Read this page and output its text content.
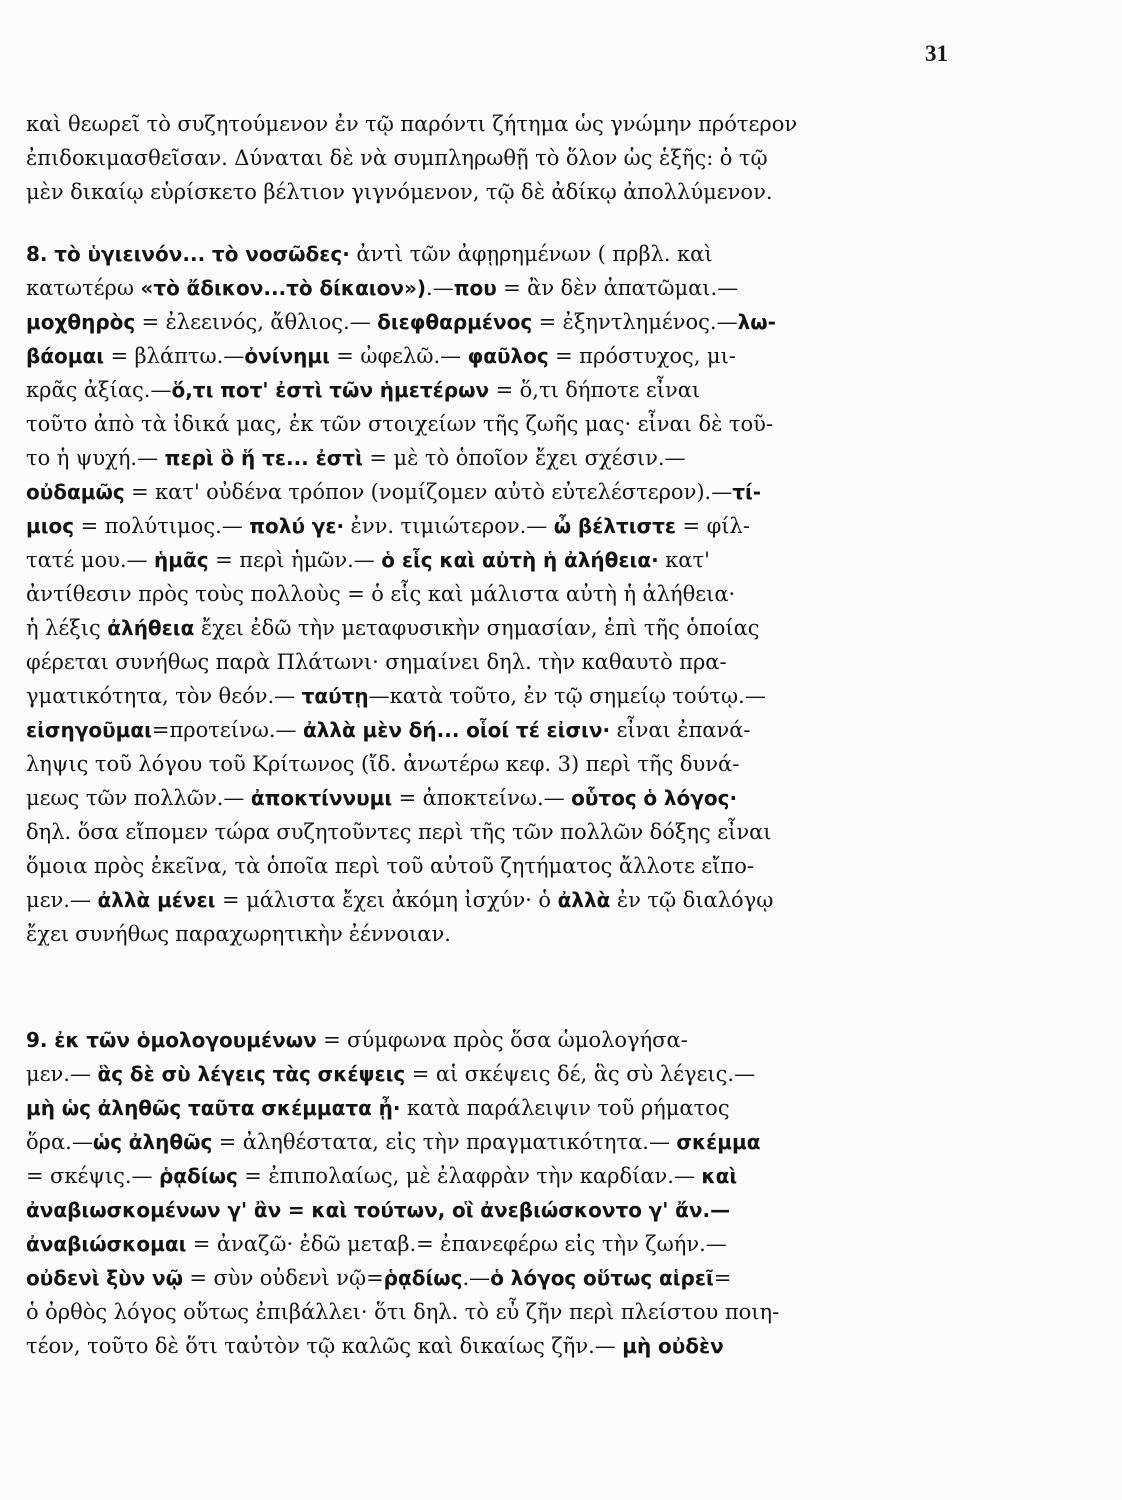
31
καὶ θεωρεῖ τὸ συζητούμενον ἐν τῷ παρόντι ζήτημα ὡς γνώμην πρότερον
ἐπιδοκιμασθεῖσαν. Δύναται δὲ νὰ συμπληρωθῇ τὸ ὅλον ὡς ἑξῆς: ὁ τῷ
μὲν δικαίῳ εὑρίσκετο βέλτιον γιγνόμενον, τῷ δὲ ἀδίκῳ ἀπολλύμενον.
8. τὸ ὑγιεινόν... τὸ νοσῶδες· ἀντὶ τῶν ἀφῃρημένων ( πρβλ. καὶ
κατωτέρω «τὸ ἄδικον...τὸ δίκαιον»).—που = ἂν δὲν ἀπατῶμαι.—
μοχθηρὸς = ἐλεεινός, ἄθλιος.— διεφθαρμένος = ἐξηντλημένος.—λω-
βάομαι = βλάπτω.—ὀνίνημι = ὠφελῶ.— φαῦλος = πρόστυχος, μι-
κρᾶς ἀξίας.—ὅ,τι ποτ' ἐστὶ τῶν ἡμετέρων = ὅ,τι δήποτε εἶναι
τοῦτο ἀπὸ τὰ ἰδικά μας, ἐκ τῶν στοιχείων τῆς ζωῆς μας· εἶναι δὲ τοῦ-
το ἡ ψυχή.— περὶ ὃ ἥ τε... ἐστὶ = μὲ τὸ ὁποῖον ἔχει σχέσιν.—
οὐδαμῶς = κατ' οὐδένα τρόπον (νομίζομεν αὐτὸ εὐτελέστερον).—τί-
μιος = πολύτιμος.— πολύ γε· ἐνν. τιμιώτερον.— ὦ βέλτιστε = φίλ-
τατέ μου.— ἡμᾶς = περὶ ἡμῶν.— ὁ εἷς καὶ αὐτὴ ἡ ἀλήθεια· κατ'
ἀντίθεσιν πρὸς τοὺς πολλοὺς = ὁ εἷς καὶ μάλιστα αὐτὴ ἡ ἀλήθεια·
ἡ λέξις ἀλήθεια ἔχει ἐδῶ τὴν μεταφυσικὴν σημασίαν, ἐπὶ τῆς ὁποίας
φέρεται συνήθως παρὰ Πλάτωνι· σημαίνει δηλ. τὴν καθαυτὸ πρα-
γματικότητα, τὸν θεόν.— ταύτῃ—κατὰ τοῦτο, ἐν τῷ σημείῳ τούτῳ.—
εἰσηγοῦμαι=προτείνω.— ἀλλὰ μὲν δή... οἷοί τέ εἰσιν· εἶναι ἐπανά-
ληψις τοῦ λόγου τοῦ Κρίτωνος (ἴδ. ἀνωτέρω κεφ. 3) περὶ τῆς δυνά-
μεως τῶν πολλῶν.— ἀποκτίννυμι = ἀποκτείνω.— οὗτος ὁ λόγος·
δηλ. ὅσα εἴπομεν τώρα συζητοῦντες περὶ τῆς τῶν πολλῶν δόξης εἶναι
ὅμοια πρὸς ἐκεῖνα, τὰ ὁποῖα περὶ τοῦ αὐτοῦ ζητήματος ἄλλοτε εἴπο-
μεν.— ἀλλὰ μένει = μάλιστα ἔχει ἀκόμη ἰσχύν· ὁ ἀλλὰ ἐν τῷ διαλόγῳ
ἔχει συνήθως παραχωρητικὴν ἐέννοιαν.
9. ἐκ τῶν ὁμολογουμένων = σύμφωνα πρὸς ὅσα ὡμολογήσα-
μεν.— ἃς δὲ σὺ λέγεις τὰς σκέψεις = αἱ σκέψεις δέ, ἃς σὺ λέγεις.—
μὴ ὡς ἀληθῶς ταῦτα σκέμματα ᾖ· κατὰ παράλειψιν τοῦ ρήματος
ὅρα.—ὡς ἀληθῶς = ἀληθέστατα, εἰς τὴν πραγματικότητα.— σκέμμα
= σκέψις.— ῥᾳδίως = ἐπιπολαίως, μὲ ἐλαφρὰν τὴν καρδίαν.— καὶ
ἀναβιωσκομένων γ' ἂν = καὶ τούτων, οἳ ἀνεβιώσκοντο γ' ἄν.—
ἀναβιώσκομαι = ἀναζῶ· ἐδῶ μεταβ.= ἐπανεφέρω εἰς τὴν ζωήν.—
οὐδενὶ ξὺν νῷ = σὺν οὐδενὶ νῷ=ῥᾳδίως.—ὁ λόγος οὕτως αἱρεῖ=
ὁ ὀρθὸς λόγος οὕτως ἐπιβάλλει· ὅτι δηλ. τὸ εὖ ζῆν περὶ πλείστου ποιη-
τέον, τοῦτο δὲ ὅτι ταὐτὸν τῷ καλῶς καὶ δικαίως ζῆν.— μὴ οὐδὲν
